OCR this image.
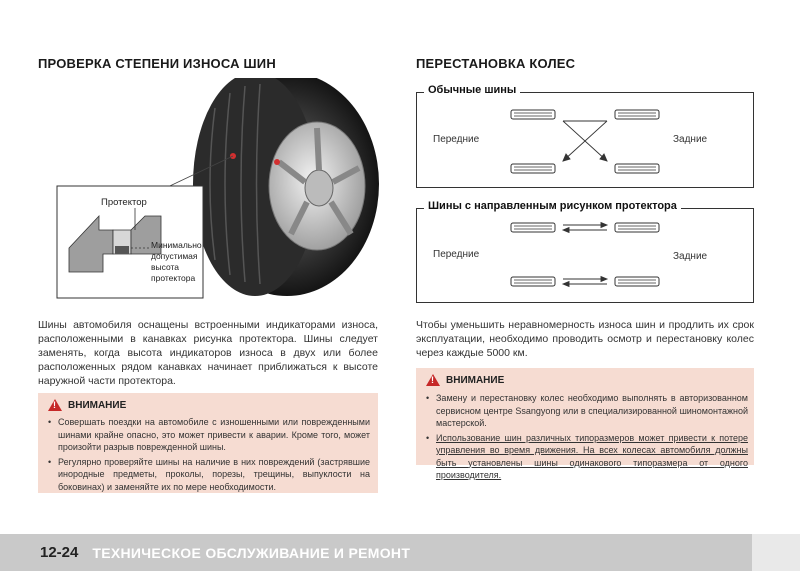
ПРОВЕРКА СТЕПЕНИ ИЗНОСА ШИН
Протектор
Минимально
допустимая
высота
протектора
Шины автомобиля оснащены встроенными индикаторами износа, расположенными в канавках рисунка протектора. Шины следует заменять, когда высота индикаторов износа в двух или более расположенных рядом канавках начинает приближаться к высоте наружной части протектора.
!
ВНИМАНИЕ
• Совершать поездки на автомобиле с изношенными или поврежденными шинами крайне опасно, это может привести к аварии. Кроме того, может произойти разрыв поврежденной шины.
• Регулярно проверяйте шины на наличие в них повреждений (застрявшие инородные предметы, проколы, порезы, трещины, выпуклости на боковинах) и заменяйте их по мере необходимости.
ПЕРЕСТАНОВКА КОЛЕС
Передние	Задние
Обычные шины
Передние	Задние
Шины с направленным рисунком протектора
Чтобы уменьшить неравномерность износа шин и продлить их срок эксплуатации, необходимо проводить осмотр и перестановку колес через каждые 5000 км.
!
ВНИМАНИЕ
• Замену и перестановку колес необходимо выполнять в авторизованном сервисном центре Ssangyong или в специализированной шиномонтажной мастерской.
• Использование шин различных типоразмеров может привести к потере управления во время движения. На всех колесах автомобиля должны быть установлены шины одинакового типоразмера от одного производителя.
12-24 ТЕХНИЧЕСКОЕ ОБСЛУЖИВАНИЕ И РЕМОНТ
